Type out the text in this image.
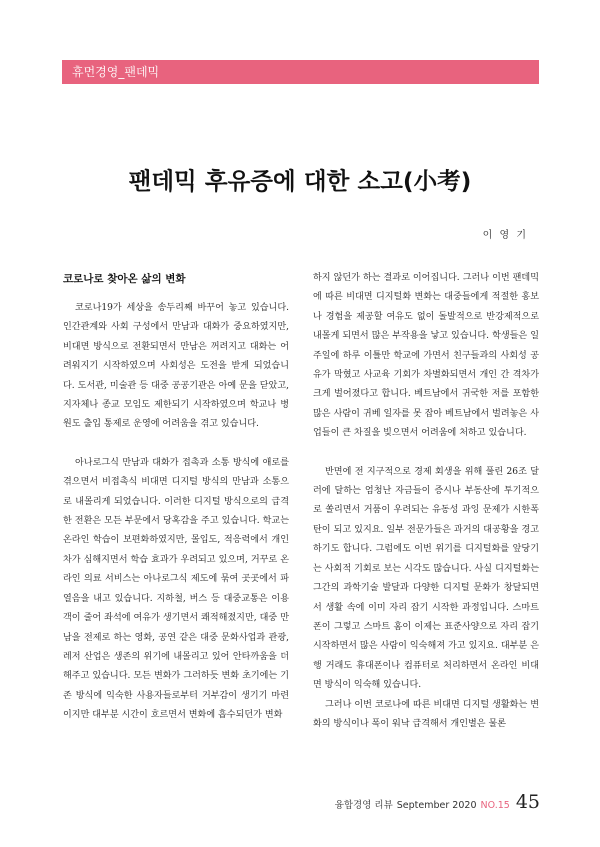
휴먼경영_팬데믹
팬데믹 후유증에 대한 소고(小考)
이 영 기
코로나로 찾아온 삶의 변화

코로나19가 세상을 송두리째 바꾸어 놓고 있습니다. 인간관계와 사회 구성에서 만남과 대화가 중요하였지만, 비대면 방식으로 전환되면서 만남은 꺼려지고 대화는 어려워지기 시작하였으며 사회성은 도전을 받게 되었습니다. 도서관, 미술관 등 대중 공공기관은 아예 문을 닫았고, 지자체나 종교 모임도 제한되기 시작하였으며 학교나 병원도 출입 통제로 운영에 어려움을 겪고 있습니다.

아나로그식 만남과 대화가 접촉과 소통 방식에 애로를 겪으면서 비접촉식 비대면 디지털 방식의 만남과 소통으로 내몰리게 되었습니다. 이러한 디지털 방식으로의 급격한 전환은 모든 부문에서 당혹감을 주고 있습니다. 학교는 온라인 학습이 보편화하였지만, 몰입도, 적응력에서 개인차가 심해지면서 학습 효과가 우려되고 있으며, 거꾸로 온라인 의료 서비스는 아나로그식 제도에 묶여 곳곳에서 파열음을 내고 있습니다. 지하철, 버스 등 대중교통은 이용객이 줄어 좌석에 여유가 생기면서 쾌적해졌지만, 대중 만남을 전제로 하는 영화, 공연 같은 대중 문화사업과 관광, 레저 산업은 생존의 위기에 내몰리고 있어 안타까움을 더해주고 있습니다. 모든 변화가 그러하듯 변화 초기에는 기존 방식에 익숙한 사용자들로부터 거부감이 생기기 마련이지만 대부분 시간이 흐르면서 변화에 흡수되던가 변화

하지 않던가 하는 결과로 이어집니다. 그러나 이번 팬데믹에 따른 비대면 디지털화 변화는 대중들에게 적절한 홍보나 경험을 제공할 여유도 없이 돌발적으로 반강제적으로 내몰게 되면서 많은 부작용을 낳고 있습니다. 학생들은 일주일에 하루 이틀만 학교에 가면서 친구들과의 사회성 공유가 막혔고 사교육 기회가 차별화되면서 개인 간 격차가 크게 벌어졌다고 합니다. 베트남에서 귀국한 저를 포함한 많은 사람이 귀베 일자를 못 잡아 베트남에서 벌려놓은 사업들이 큰 차질을 빚으면서 어려움에 처하고 있습니다.

반면에 전 지구적으로 경제 회생을 위해 풀린 26조 달러에 달하는 엄청난 자금들이 증시나 부동산에 투기적으로 쏠리면서 거품이 우려되는 유동성 과잉 문제가 시한폭탄이 되고 있지요. 일부 전문가들은 과거의 대공황을 경고하기도 합니다. 그럼에도 이번 위기를 디지털화를 앞당기는 사회적 기회로 보는 시각도 많습니다. 사실 디지털화는 그간의 과학기술 발달과 다양한 디지털 문화가 창달되면서 생활 속에 이미 자리 잡기 시작한 과정입니다. 스마트폰이 그렇고 스마트 홈이 이제는 표준사양으로 자리 잡기 시작하면서 많은 사람이 익숙해져 가고 있지요. 대부분 은행 거래도 휴대폰이나 컴퓨터로 처리하면서 온라인 비대면 방식이 익숙해 있습니다.

그러나 이번 코로나에 따른 비대면 디지털 생활화는 변화의 방식이나 폭이 워낙 급격해서 개인별은 물론

융합경영 리뷰 September 2020 NO.15 45
